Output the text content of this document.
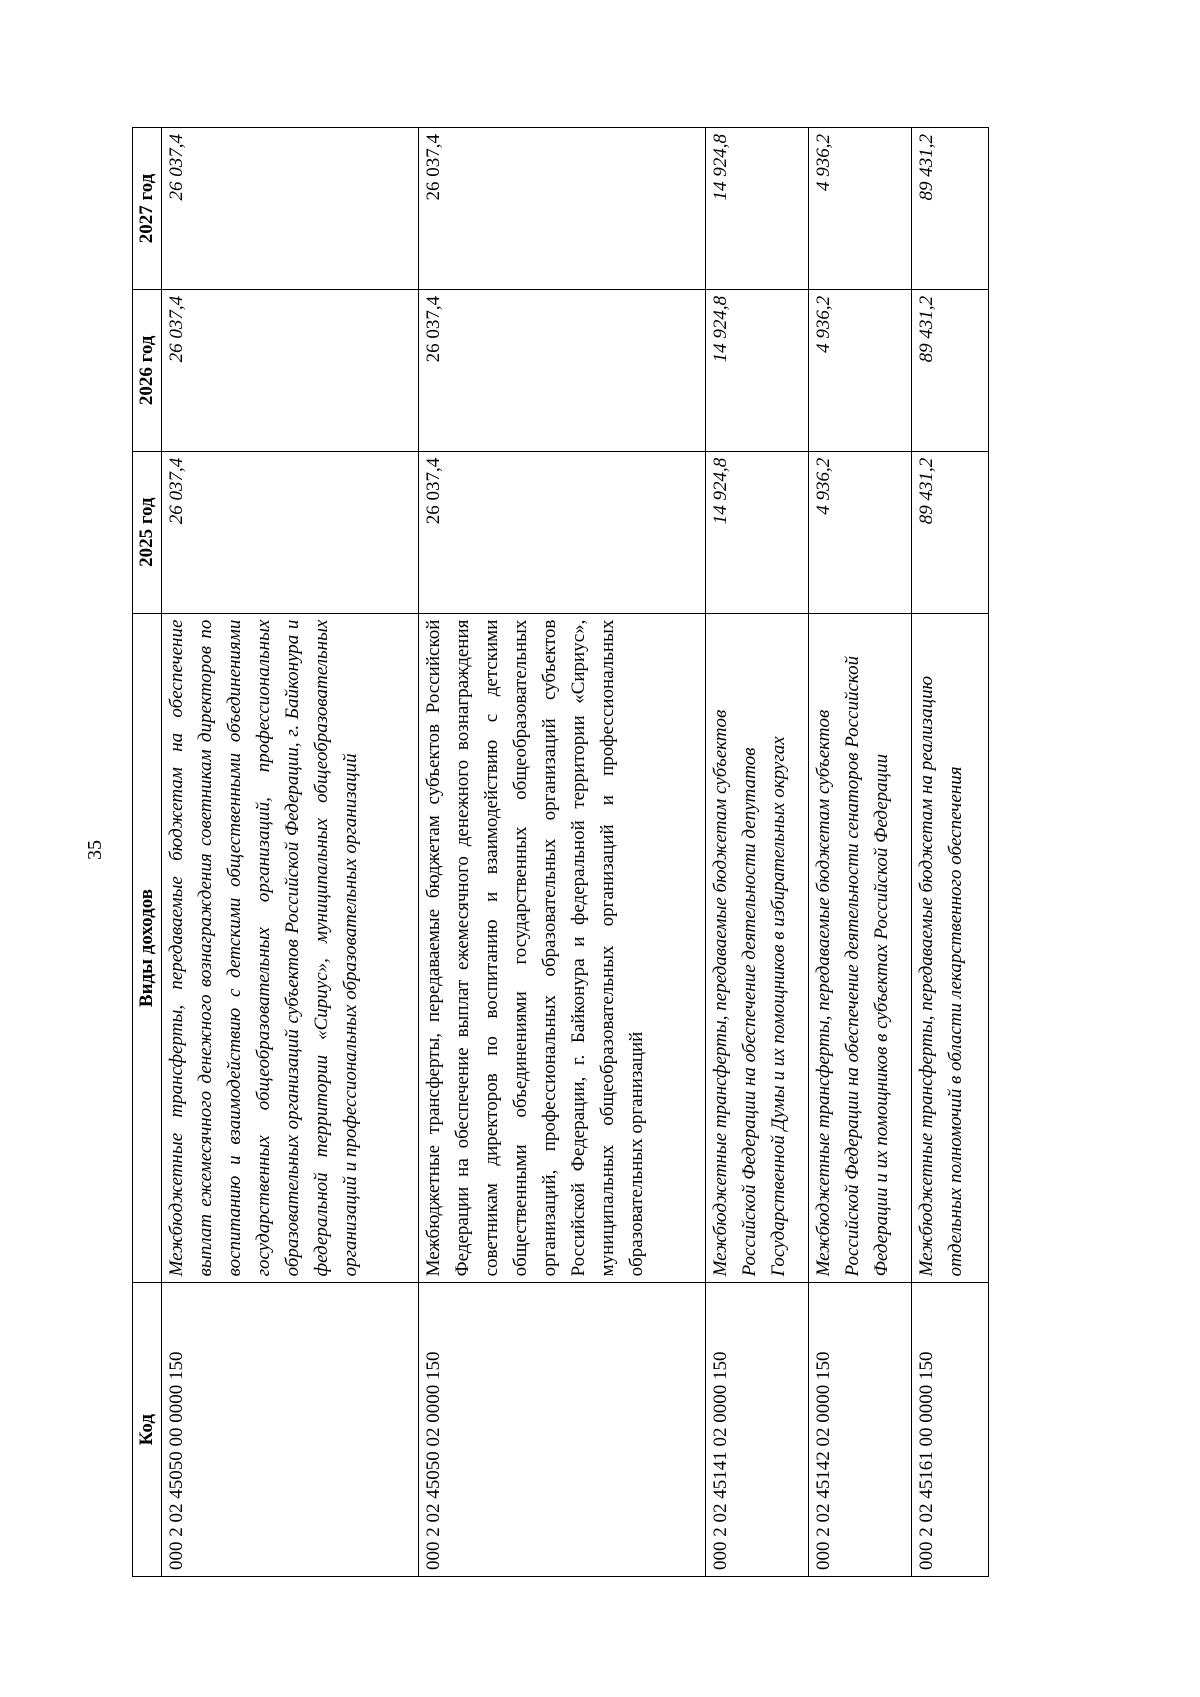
35
Код	Виды доходов	2025 год	2026 год	2027 год
000 2 02 45050 00 0000 150	Межбюджетные трансферты, передаваемые бюджетам на обеспечение выплат ежемесячного денежного вознаграждения советникам директоров по воспитанию и взаимодействию с детскими общественными объединениями государственных общеобразовательных организаций, профессиональных образовательных организаций субъектов Российской Федерации, г. Байконура и федеральной территории «Сириус», муниципальных общеобразовательных организаций и профессиональных образовательных организаций	26 037,4	26 037,4	26 037,4
000 2 02 45050 02 0000 150	Межбюджетные трансферты, передаваемые бюджетам субъектов Российской Федерации на обеспечение выплат ежемесячного денежного вознаграждения советникам директоров по воспитанию и взаимодействию с детскими общественными объединениями государственных общеобразовательных организаций, профессиональных образовательных организаций субъектов Российской Федерации, г. Байконура и федеральной территории «Сириус», муниципальных общеобразовательных организаций и профессиональных образовательных организаций	26 037,4	26 037,4	26 037,4
000 2 02 45141 02 0000 150	Межбюджетные трансферты, передаваемые бюджетам субъектов Российской Федерации на обеспечение деятельности депутатов Государственной Думы и их помощников в избирательных округах	14 924,8	14 924,8	14 924,8
000 2 02 45142 02 0000 150	Межбюджетные трансферты, передаваемые бюджетам субъектов Российской Федерации на обеспечение деятельности сенаторов Российской Федерации и их помощников в субъектах Российской Федерации	4 936,2	4 936,2	4 936,2
000 2 02 45161 00 0000 150	Межбюджетные трансферты, передаваемые бюджетам на реализацию отдельных полномочий в области лекарственного обеспечения	89 431,2	89 431,2	89 431,2
